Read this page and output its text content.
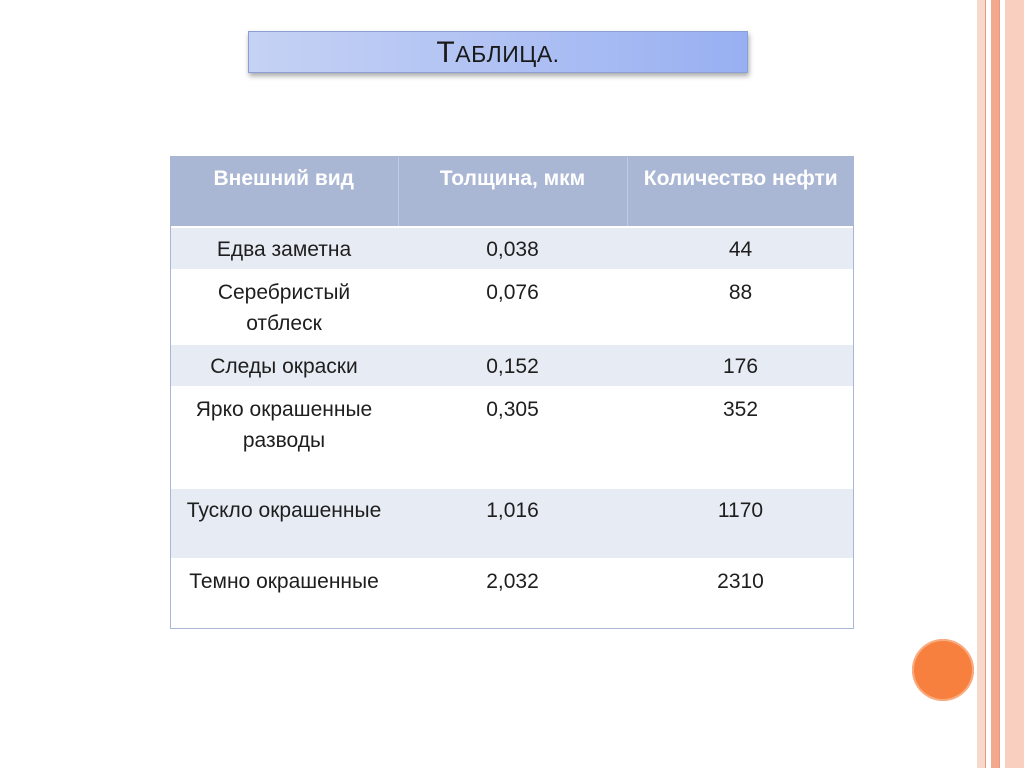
ТАБЛИЦА.
Внешний вид	Толщина, мкм	Количество нефти
Едва заметна	0,038	44
Серебристый отблеск	0,076	88
Следы окраски	0,152	176
Ярко окрашенные разводы	0,305	352
Тускло окрашенные	1,016	1170
Темно окрашенные	2,032	2310
